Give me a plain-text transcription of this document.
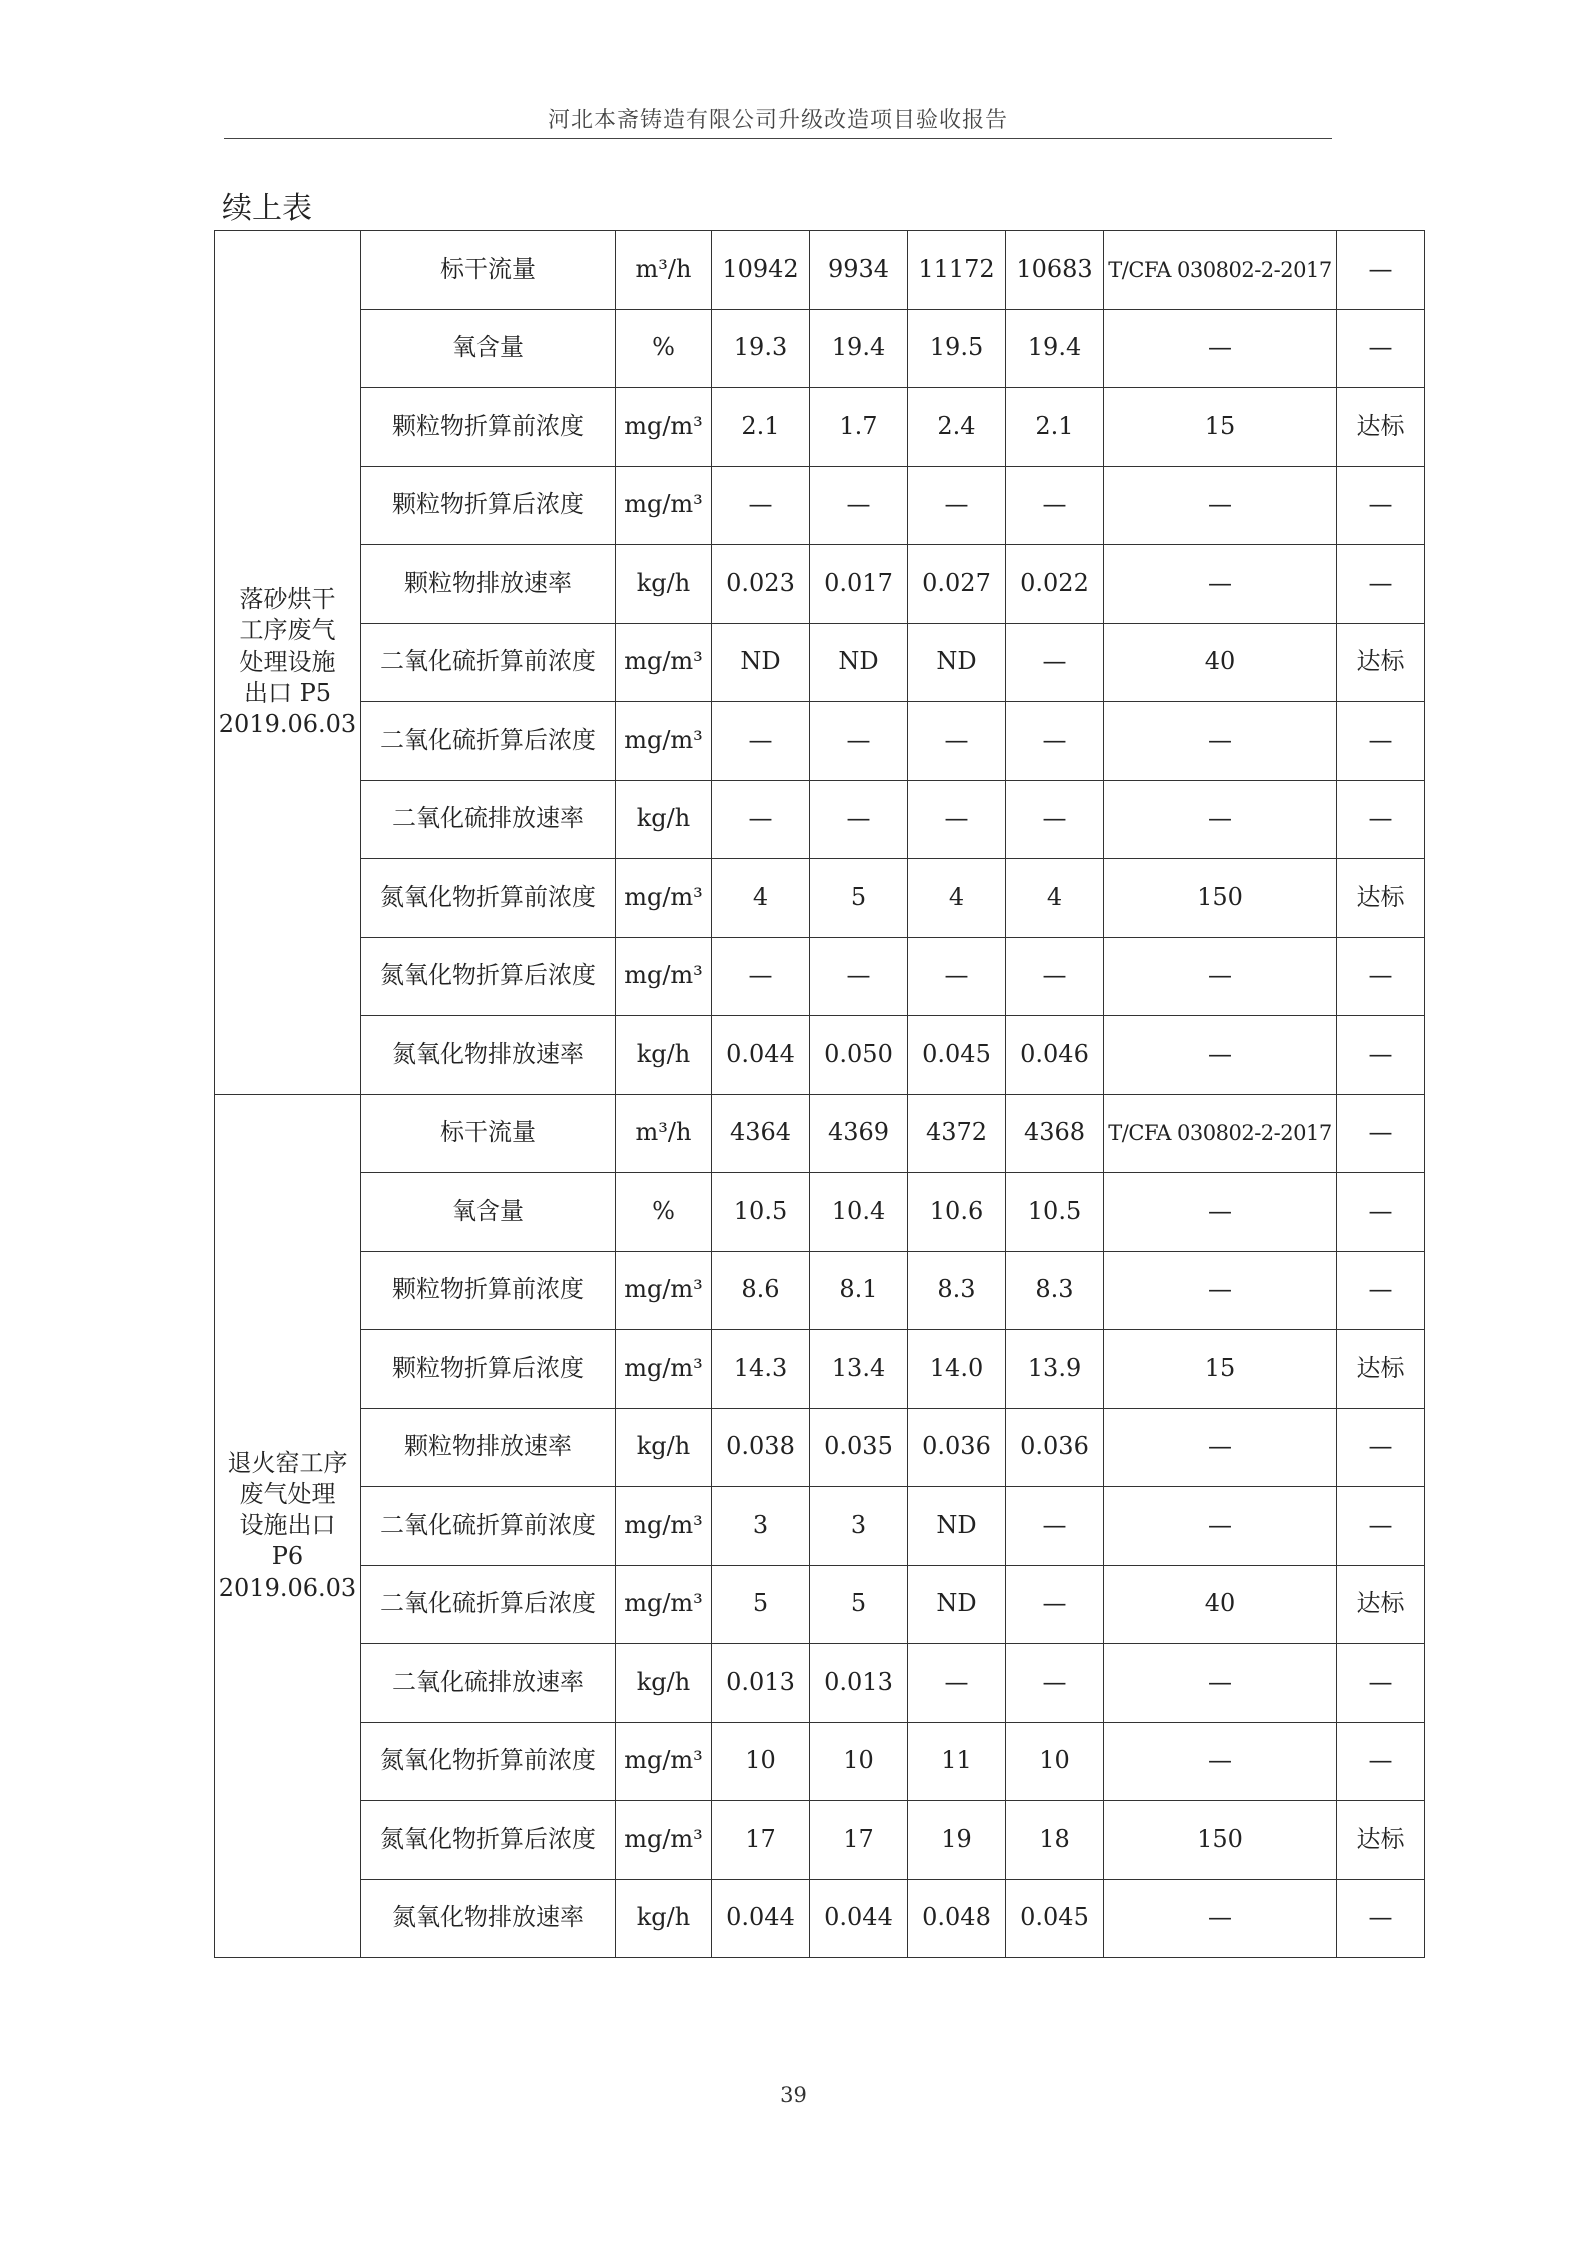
河北本斋铸造有限公司升级改造项目验收报告
续上表
落砂烘干
工序废气
处理设施
出口 P5
2019.06.03	标干流量	m³/h	10942	9934	11172	10683	T/CFA 030802-2-2017	—
	氧含量	%	19.3	19.4	19.5	19.4	—	—
	颗粒物折算前浓度	mg/m³	2.1	1.7	2.4	2.1	15	达标
	颗粒物折算后浓度	mg/m³	—	—	—	—	—	—
	颗粒物排放速率	kg/h	0.023	0.017	0.027	0.022	—	—
	二氧化硫折算前浓度	mg/m³	ND	ND	ND	—	40	达标
	二氧化硫折算后浓度	mg/m³	—	—	—	—	—	—
	二氧化硫排放速率	kg/h	—	—	—	—	—	—
	氮氧化物折算前浓度	mg/m³	4	5	4	4	150	达标
	氮氧化物折算后浓度	mg/m³	—	—	—	—	—	—
	氮氧化物排放速率	kg/h	0.044	0.050	0.045	0.046	—	—

退火窑工序
废气处理
设施出口
P6
2019.06.03	标干流量	m³/h	4364	4369	4372	4368	T/CFA 030802-2-2017	—
	氧含量	%	10.5	10.4	10.6	10.5	—	—
	颗粒物折算前浓度	mg/m³	8.6	8.1	8.3	8.3	—	—
	颗粒物折算后浓度	mg/m³	14.3	13.4	14.0	13.9	15	达标
	颗粒物排放速率	kg/h	0.038	0.035	0.036	0.036	—	—
	二氧化硫折算前浓度	mg/m³	3	3	ND	—	—	—
	二氧化硫折算后浓度	mg/m³	5	5	ND	—	40	达标
	二氧化硫排放速率	kg/h	0.013	0.013	—	—	—	—
	氮氧化物折算前浓度	mg/m³	10	10	11	10	—	—
	氮氧化物折算后浓度	mg/m³	17	17	19	18	150	达标
	氮氧化物排放速率	kg/h	0.044	0.044	0.048	0.045	—	—
39
